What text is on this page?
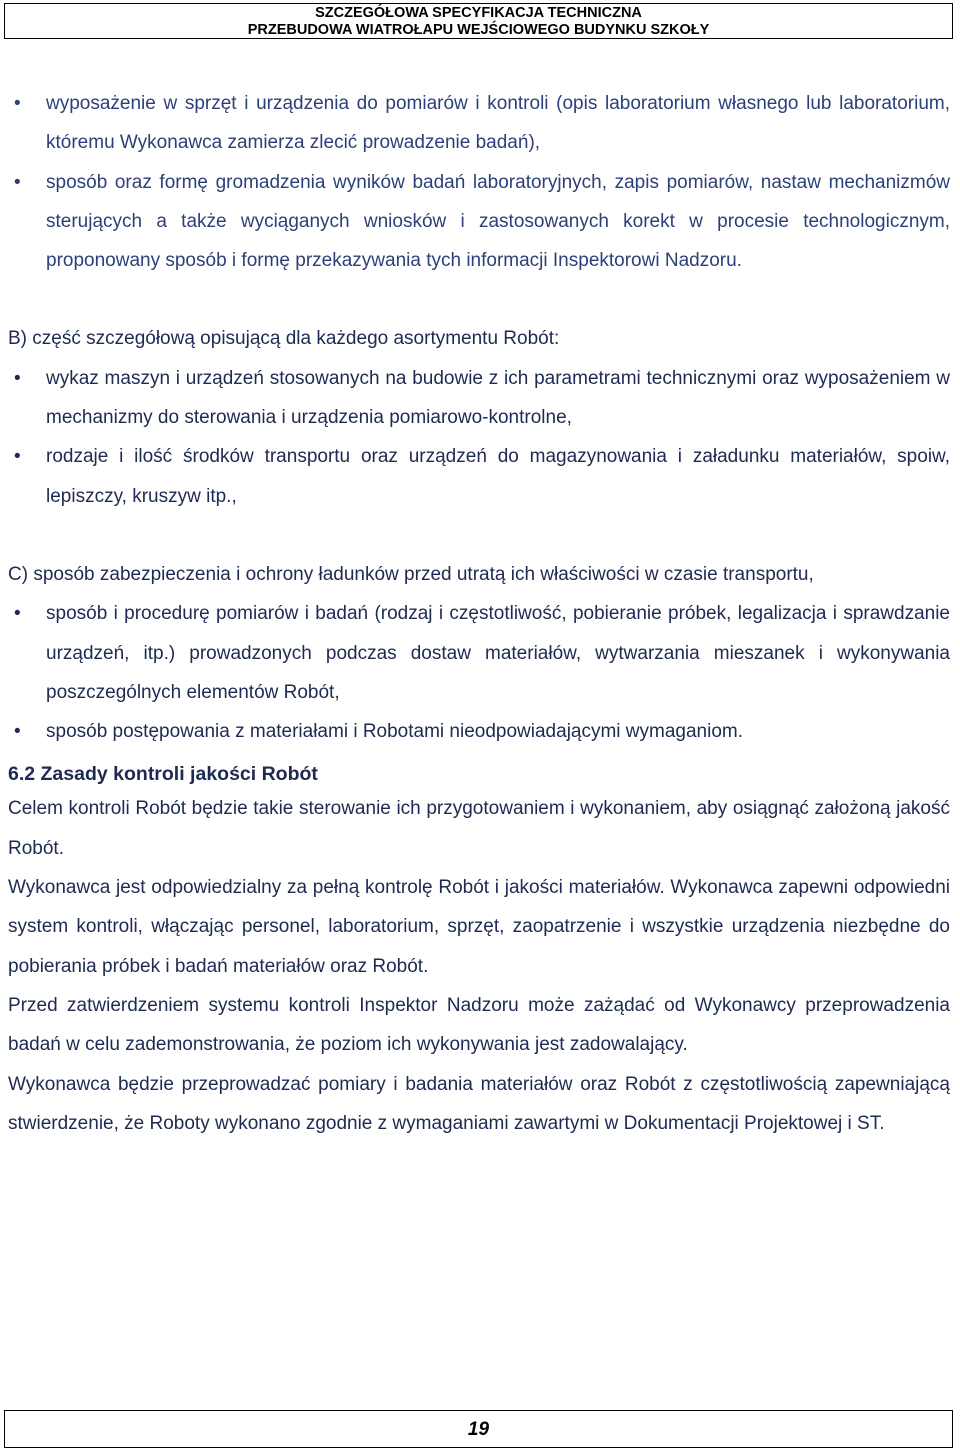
SZCZEGÓŁOWA SPECYFIKACJA TECHNICZNA
PRZEBUDOWA WIATROŁAPU WEJŚCIOWEGO BUDYNKU SZKOŁY
• wyposażenie w sprzęt i urządzenia do pomiarów i kontroli (opis laboratorium własnego lub laboratorium, któremu Wykonawca zamierza zlecić prowadzenie badań),
• sposób oraz formę gromadzenia wyników badań laboratoryjnych, zapis pomiarów, nastaw mechanizmów sterujących a także wyciąganych wniosków i zastosowanych korekt w procesie technologicznym, proponowany sposób i formę przekazywania tych informacji Inspektorowi Nadzoru.

B) część szczegółową opisującą dla każdego asortymentu Robót:

• wykaz maszyn i urządzeń stosowanych na budowie z ich parametrami technicznymi oraz wyposażeniem w mechanizmy do sterowania i urządzenia pomiarowo-kontrolne,
• rodzaje i ilość środków transportu oraz urządzeń do magazynowania i załadunku materiałów, spoiw, lepiszczy, kruszyw itp.,

C) sposób zabezpieczenia i ochrony ładunków przed utratą ich właściwości w czasie transportu,

• sposób i procedurę pomiarów i badań (rodzaj i częstotliwość, pobieranie próbek, legalizacja i sprawdzanie urządzeń, itp.) prowadzonych podczas dostaw materiałów, wytwarzania mieszanek i wykonywania poszczególnych elementów Robót,
• sposób postępowania z materiałami i Robotami nieodpowiadającymi wymaganiom.
6.2 Zasady kontroli jakości Robót

Celem kontroli Robót będzie takie sterowanie ich przygotowaniem i wykonaniem, aby osiągnąć założoną jakość Robót.

Wykonawca jest odpowiedzialny za pełną kontrolę Robót i jakości materiałów. Wykonawca zapewni odpowiedni system kontroli, włączając personel, laboratorium, sprzęt, zaopatrzenie i wszystkie urządzenia niezbędne do pobierania próbek i badań materiałów oraz Robót.

Przed zatwierdzeniem systemu kontroli Inspektor Nadzoru może zażądać od Wykonawcy przeprowadzenia badań w celu zademonstrowania, że poziom ich wykonywania jest zadowalający.

Wykonawca będzie przeprowadzać pomiary i badania materiałów oraz Robót z częstotliwością zapewniającą stwierdzenie, że Roboty wykonano zgodnie z wymaganiami zawartymi w Dokumentacji Projektowej i ST.

19
